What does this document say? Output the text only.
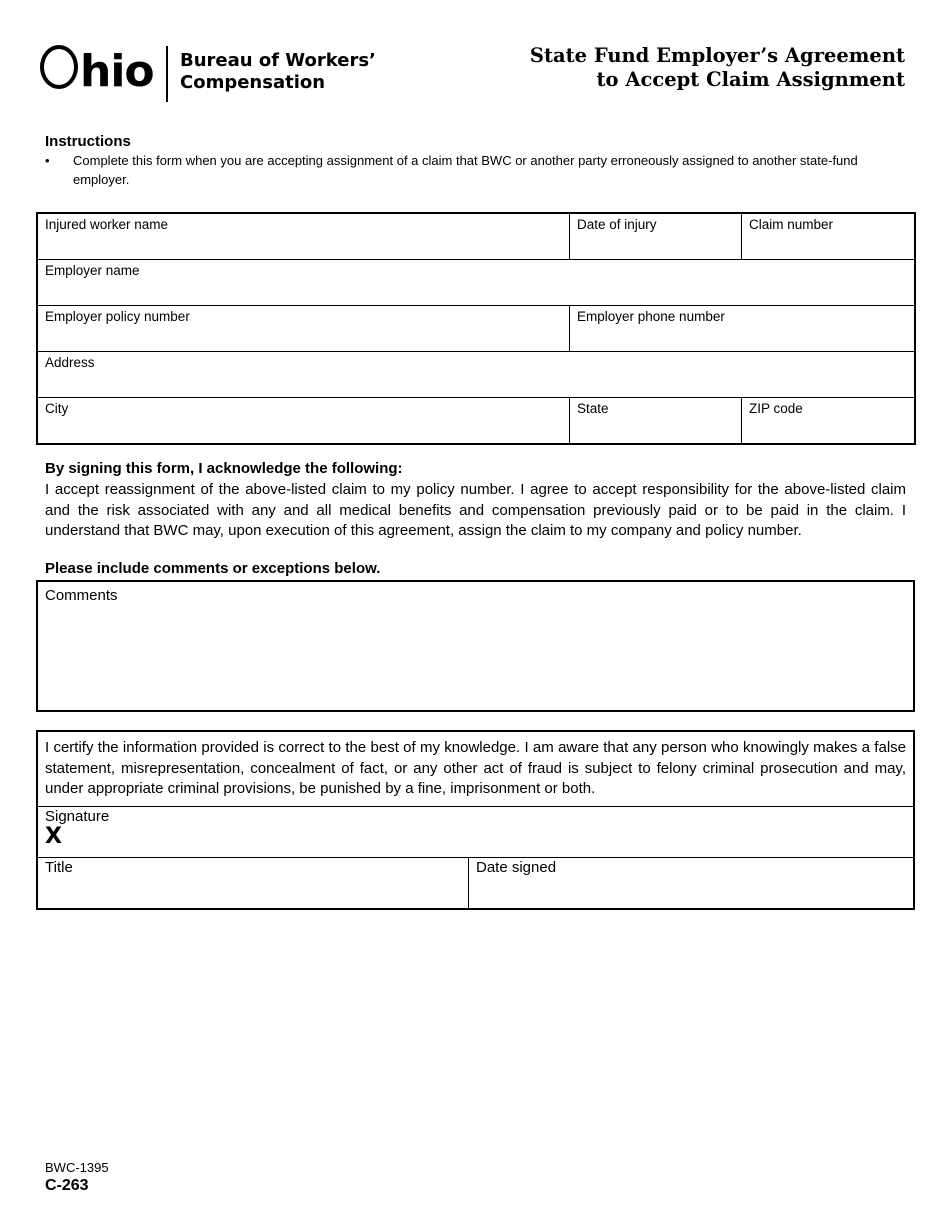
hio Bureau of Workers’
Compensation
State Fund Employer’s Agreement
to Accept Claim Assignment
Instructions
• Complete this form when you are accepting assignment of a claim that BWC or another party erroneously assigned to another state-fund employer.
Injured worker name	Date of injury	Claim number
Employer name
Employer policy number	Employer phone number
Address
City	State	ZIP code
By signing this form, I acknowledge the following:

I accept reassignment of the above-listed claim to my policy number. I agree to accept responsibility for the above-listed claim and the risk associated with any and all medical benefits and compensation previously paid or to be paid in the claim. I understand that BWC may, upon execution of this agreement, assign the claim to my company and policy number.

Please include comments or exceptions below.
Comments

I certify the information provided is correct to the best of my knowledge. I am aware that any person who knowingly makes a false statement, misrepresentation, concealment of fact, or any other act of fraud is subject to felony criminal prosecution and may, under appropriate criminal provisions, be punished by a fine, imprisonment or both.

Signature
X
Title	Date signed
BWC-1395
C-263
